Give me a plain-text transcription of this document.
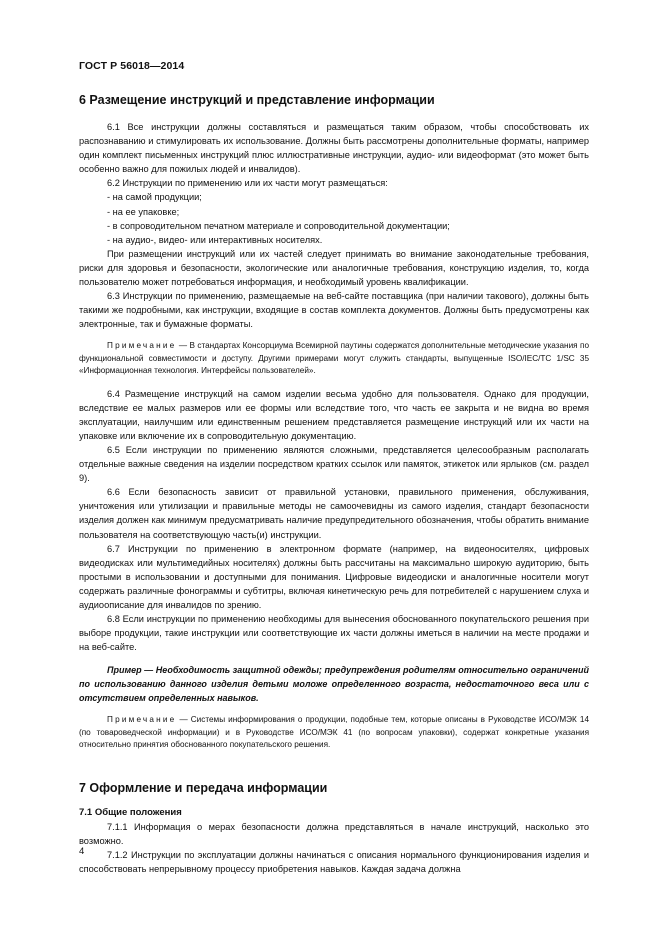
ГОСТ Р 56018—2014

6 Размещение инструкций и представление информации

6.1 Все инструкции должны составляться и размещаться таким образом, чтобы способствовать их распознаванию и стимулировать их использование. Должны быть рассмотрены дополнительные форматы, например один комплект письменных инструкций плюс иллюстративные инструкции, аудио- или видеоформат (это может быть особенно важно для пожилых людей и инвалидов).

6.2 Инструкции по применению или их части могут размещаться:

- на самой продукции;

- на ее упаковке;

- в сопроводительном печатном материале и сопроводительной документации;

- на аудио-, видео- или интерактивных носителях.

При размещении инструкций или их частей следует принимать во внимание законодательные требования, риски для здоровья и безопасности, экологические или аналогичные требования, конструкцию изделия, то, когда пользователю может потребоваться информация, и необходимый уровень квалификации.

6.3 Инструкции по применению, размещаемые на веб-сайте поставщика (при наличии такового), должны быть такими же подробными, как инструкции, входящие в состав комплекта документов. Должны быть предусмотрены как электронные, так и бумажные форматы.

Примечание — В стандартах Консорциума Всемирной паутины содержатся дополнительные методические указания по функциональной совместимости и доступу. Другими примерами могут служить стандарты, выпущенные ISO/IEC/TC 1/SC 35 «Информационная технология. Интерфейсы пользователей».

6.4 Размещение инструкций на самом изделии весьма удобно для пользователя. Однако для продукции, вследствие ее малых размеров или ее формы или вследствие того, что часть ее закрыта и не видна во время эксплуатации, наилучшим или единственным решением представляется размещение инструкций или их части на упаковке или включение их в сопроводительную документацию.

6.5 Если инструкции по применению являются сложными, представляется целесообразным располагать отдельные важные сведения на изделии посредством кратких ссылок или памяток, этикеток или ярлыков (см. раздел 9).

6.6 Если безопасность зависит от правильной установки, правильного применения, обслуживания, уничтожения или утилизации и правильные методы не самоочевидны из самого изделия, стандарт безопасности изделия должен как минимум предусматривать наличие предупредительного обозначения, чтобы обратить внимание пользователя на соответствующую часть(и) инструкции.

6.7 Инструкции по применению в электронном формате (например, на видеоносителях, цифровых видеодисках или мультимедийных носителях) должны быть рассчитаны на максимально широкую аудиторию, быть простыми в использовании и доступными для понимания. Цифровые видеодиски и аналогичные носители могут содержать различные фонограммы и субтитры, включая кинетическую речь для потребителей с нарушением слуха и аудиоописание для инвалидов по зрению.

6.8 Если инструкции по применению необходимы для вынесения обоснованного покупательского решения при выборе продукции, такие инструкции или соответствующие их части должны иметься в наличии на месте продажи и на веб-сайте.

Пример — Необходимость защитной одежды; предупреждения родителям относительно ограничений по использованию данного изделия детьми моложе определенного возраста, недостаточного веса или с отсутствием определенных навыков.

Примечание — Системы информирования о продукции, подобные тем, которые описаны в Руководстве ИСО/МЭК 14 (по товароведческой информации) и в Руководстве ИСО/МЭК 41 (по вопросам упаковки), содержат конкретные указания относительно принятия обоснованного покупательского решения.

7 Оформление и передача информации

7.1 Общие положения

7.1.1 Информация о мерах безопасности должна представляться в начале инструкций, насколько это возможно.

7.1.2 Инструкции по эксплуатации должны начинаться с описания нормального функционирования изделия и способствовать непрерывному процессу приобретения навыков. Каждая задача должна

4
